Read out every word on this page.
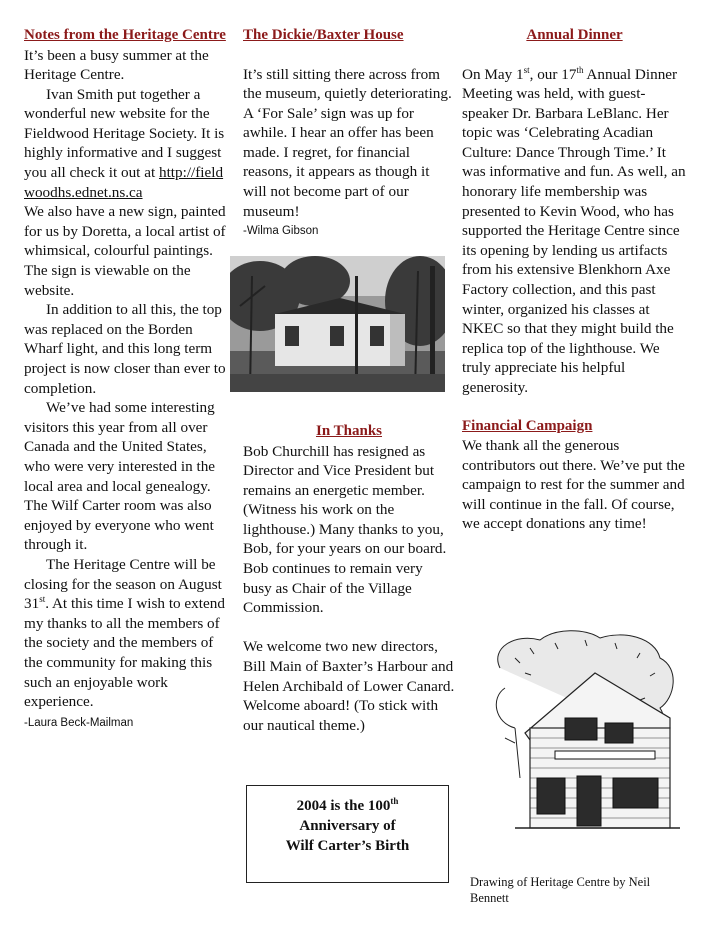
Notes from the Heritage Centre

It’s been a busy summer at the Heritage Centre.

Ivan Smith put together a wonderful new website for the Fieldwood Heritage Society. It is highly informative and I suggest you all check it out at http://fieldwoodhs.ednet.ns.ca

We also have a new sign, painted for us by Doretta, a local artist of whimsical, colourful paintings. The sign is viewable on the website.

In addition to all this, the top was replaced on the Borden Wharf light, and this long term project is now closer than ever to completion.

We’ve had some interesting visitors this year from all over Canada and the United States, who were very interested in the local area and local genealogy. The Wilf Carter room was also enjoyed by everyone who went through it.

The Heritage Centre will be closing for the season on August 31st. At this time I wish to extend my thanks to all the members of the society and the members of the community for making this such an enjoyable work experience.

-Laura Beck-Mailman

The Dickie/Baxter House

It’s still sitting there across from the museum, quietly deteriorating. A ‘For Sale’ sign was up for awhile. I hear an offer has been made. I regret, for financial reasons, it appears as though it will not become part of our museum!

-Wilma Gibson

In Thanks

Bob Churchill has resigned as Director and Vice President but remains an energetic member.(Witness his work on the lighthouse.) Many thanks to you, Bob, for your years on our board. Bob continues to remain very busy as Chair of the Village Commission.

We welcome two new directors, Bill Main of Baxter’s Harbour and Helen Archibald of Lower Canard. Welcome aboard! (To stick with our nautical theme.)

2004 is the 100th
Anniversary of
Wilf Carter’s Birth

Annual Dinner

On May 1st, our 17th Annual Dinner Meeting was held, with guest-speaker Dr. Barbara LeBlanc. Her topic was ‘Celebrating Acadian Culture: Dance Through Time.’ It was informative and fun. As well, an honorary life membership was presented to Kevin Wood, who has supported the Heritage Centre since its opening by lending us artifacts from his extensive Blenkhorn Axe Factory collection, and this past winter, organized his classes at NKEC so that they might build the replica top of the lighthouse. We truly appreciate his helpful generosity.

Financial Campaign

We thank all the generous contributors out there. We’ve put the campaign to rest for the summer and will continue in the fall. Of course, we accept donations any time!

Drawing of Heritage Centre by Neil Bennett
